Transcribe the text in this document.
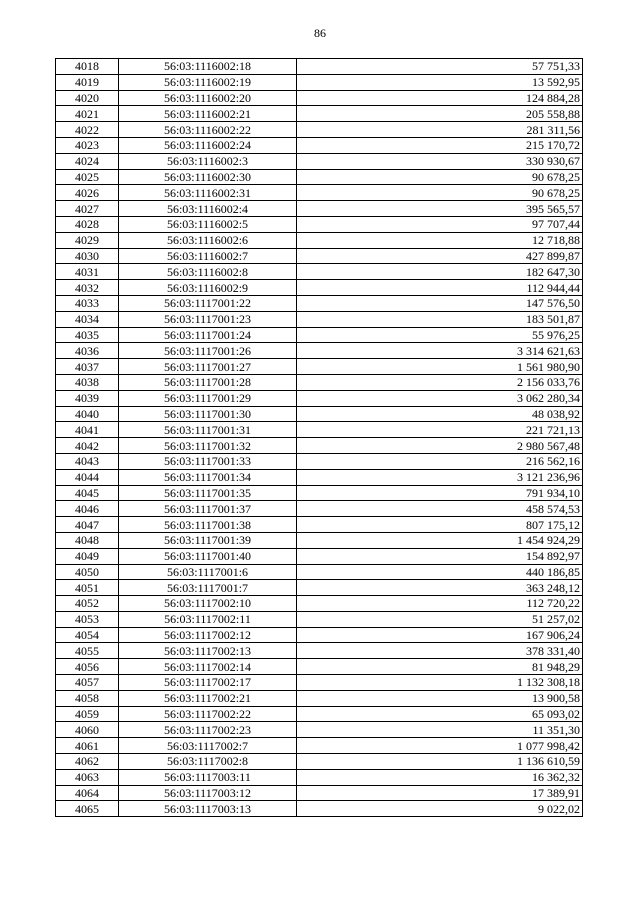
86
4018	56:03:1116002:18	57 751,33
4019	56:03:1116002:19	13 592,95
4020	56:03:1116002:20	124 884,28
4021	56:03:1116002:21	205 558,88
4022	56:03:1116002:22	281 311,56
4023	56:03:1116002:24	215 170,72
4024	56:03:1116002:3	330 930,67
4025	56:03:1116002:30	90 678,25
4026	56:03:1116002:31	90 678,25
4027	56:03:1116002:4	395 565,57
4028	56:03:1116002:5	97 707,44
4029	56:03:1116002:6	12 718,88
4030	56:03:1116002:7	427 899,87
4031	56:03:1116002:8	182 647,30
4032	56:03:1116002:9	112 944,44
4033	56:03:1117001:22	147 576,50
4034	56:03:1117001:23	183 501,87
4035	56:03:1117001:24	55 976,25
4036	56:03:1117001:26	3 314 621,63
4037	56:03:1117001:27	1 561 980,90
4038	56:03:1117001:28	2 156 033,76
4039	56:03:1117001:29	3 062 280,34
4040	56:03:1117001:30	48 038,92
4041	56:03:1117001:31	221 721,13
4042	56:03:1117001:32	2 980 567,48
4043	56:03:1117001:33	216 562,16
4044	56:03:1117001:34	3 121 236,96
4045	56:03:1117001:35	791 934,10
4046	56:03:1117001:37	458 574,53
4047	56:03:1117001:38	807 175,12
4048	56:03:1117001:39	1 454 924,29
4049	56:03:1117001:40	154 892,97
4050	56:03:1117001:6	440 186,85
4051	56:03:1117001:7	363 248,12
4052	56:03:1117002:10	112 720,22
4053	56:03:1117002:11	51 257,02
4054	56:03:1117002:12	167 906,24
4055	56:03:1117002:13	378 331,40
4056	56:03:1117002:14	81 948,29
4057	56:03:1117002:17	1 132 308,18
4058	56:03:1117002:21	13 900,58
4059	56:03:1117002:22	65 093,02
4060	56:03:1117002:23	11 351,30
4061	56:03:1117002:7	1 077 998,42
4062	56:03:1117002:8	1 136 610,59
4063	56:03:1117003:11	16 362,32
4064	56:03:1117003:12	17 389,91
4065	56:03:1117003:13	9 022,02
